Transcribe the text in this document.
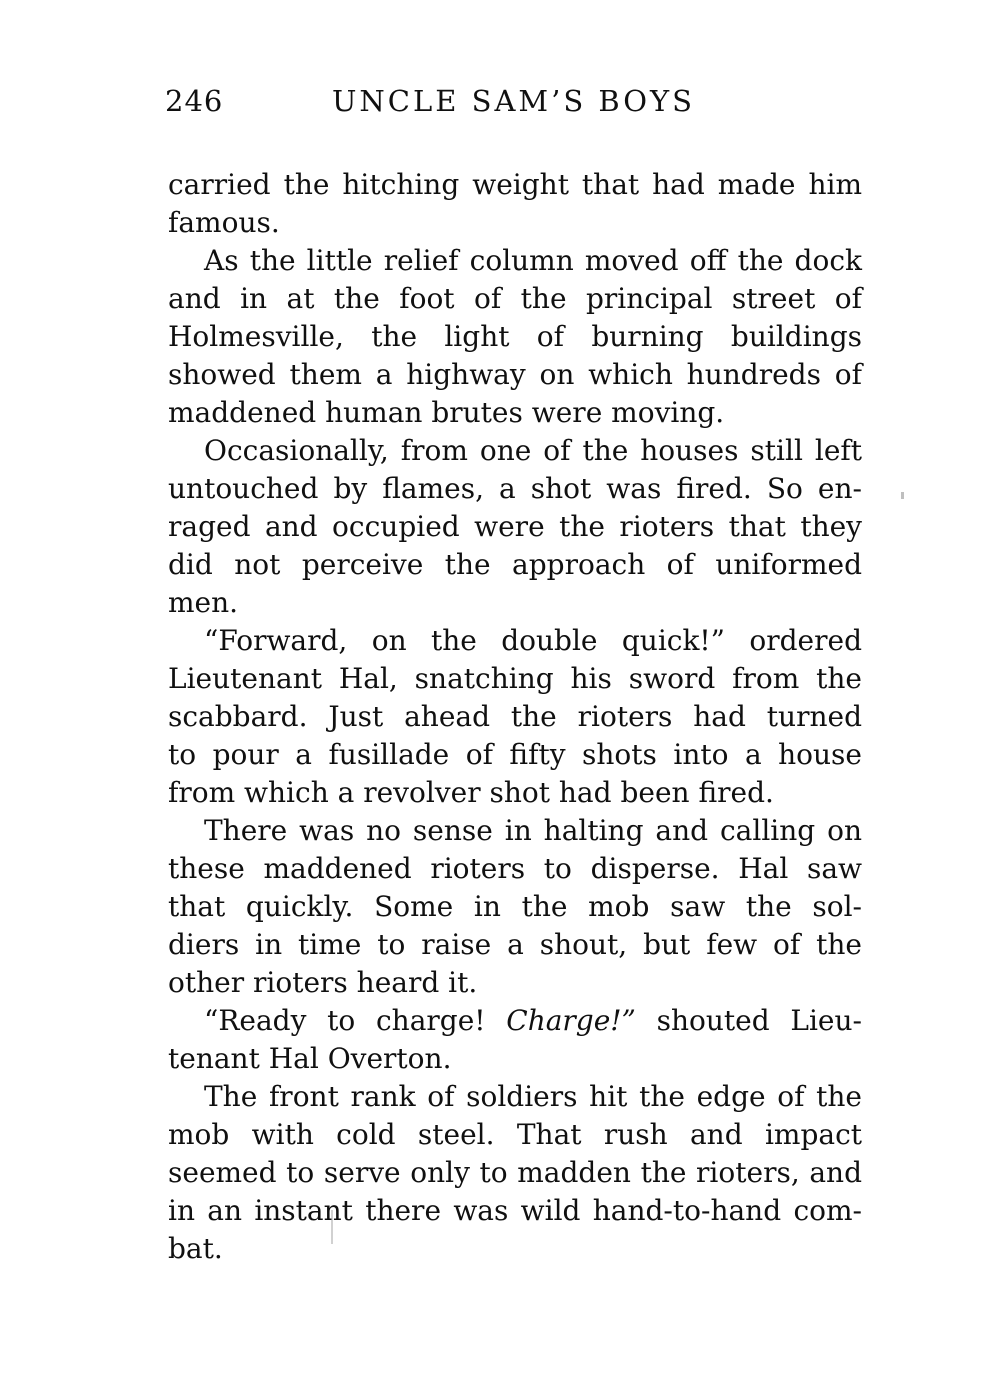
246	UNCLE SAM’S BOYS
carried the hitching weight that had made him
famous.
As the little relief column moved off the dock
and in at the foot of the principal street of
Holmesville, the light of burning buildings
showed them a highway on which hundreds of
maddened human brutes were moving.
Occasionally, from one of the houses still left
untouched by flames, a shot was fired. So en-
raged and occupied were the rioters that they
did not perceive the approach of uniformed
men.
“Forward, on the double quick!” ordered
Lieutenant Hal, snatching his sword from the
scabbard. Just ahead the rioters had turned
to pour a fusillade of fifty shots into a house
from which a revolver shot had been fired.
There was no sense in halting and calling on
these maddened rioters to disperse. Hal saw
that quickly. Some in the mob saw the sol-
diers in time to raise a shout, but few of the
other rioters heard it.
“Ready to charge! Charge!” shouted Lieu-
tenant Hal Overton.
The front rank of soldiers hit the edge of the
mob with cold steel. That rush and impact
seemed to serve only to madden the rioters, and
in an instant there was wild hand-to-hand com-
bat.
